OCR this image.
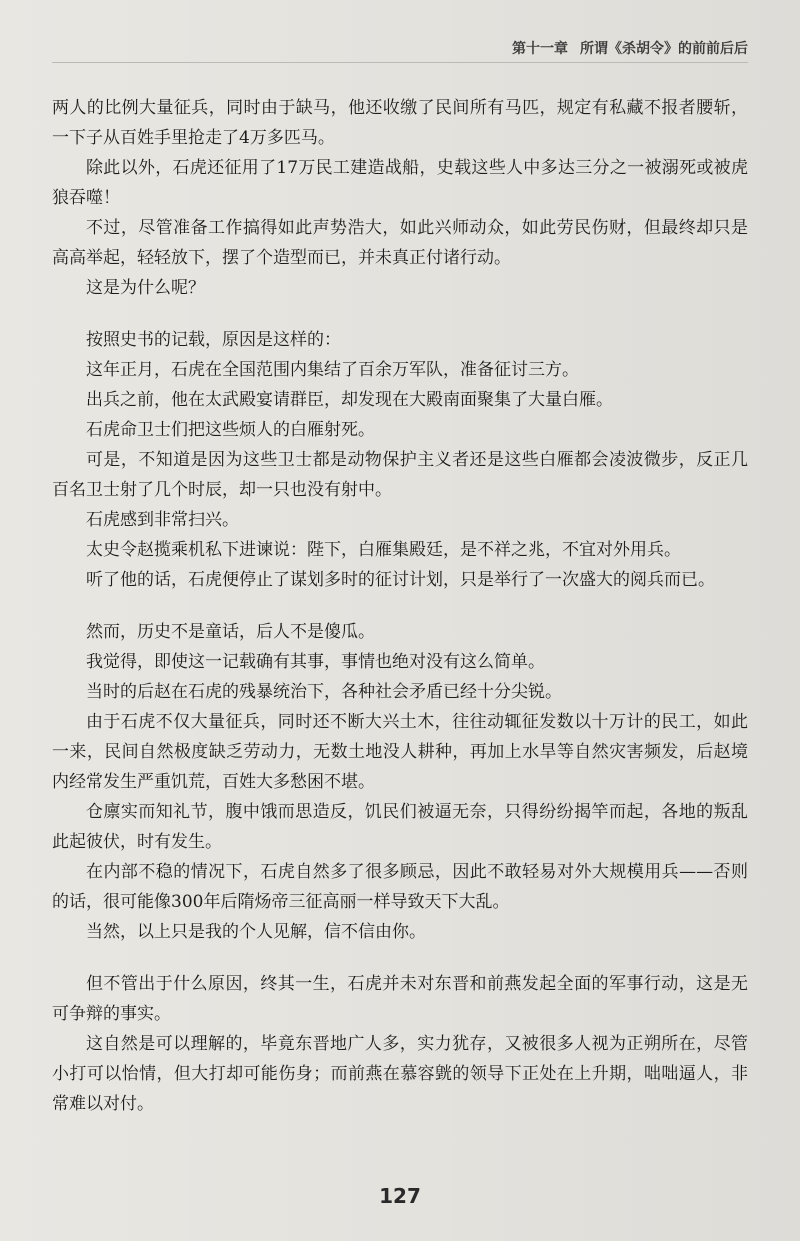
第十一章 所谓《杀胡令》的前前后后

两人的比例大量征兵，同时由于缺马，他还收缴了民间所有马匹，规定有私藏不报者腰斩，一下子从百姓手里抢走了4万多匹马。

除此以外，石虎还征用了17万民工建造战船，史载这些人中多达三分之一被溺死或被虎狼吞噬！

不过，尽管准备工作搞得如此声势浩大，如此兴师动众，如此劳民伤财，但最终却只是高高举起，轻轻放下，摆了个造型而已，并未真正付诸行动。

这是为什么呢？

按照史书的记载，原因是这样的：

这年正月，石虎在全国范围内集结了百余万军队，准备征讨三方。

出兵之前，他在太武殿宴请群臣，却发现在大殿南面聚集了大量白雁。

石虎命卫士们把这些烦人的白雁射死。

可是，不知道是因为这些卫士都是动物保护主义者还是这些白雁都会凌波微步，反正几百名卫士射了几个时辰，却一只也没有射中。

石虎感到非常扫兴。

太史令赵揽乘机私下进谏说：陛下，白雁集殿廷，是不祥之兆，不宜对外用兵。

听了他的话，石虎便停止了谋划多时的征讨计划，只是举行了一次盛大的阅兵而已。

然而，历史不是童话，后人不是傻瓜。

我觉得，即使这一记载确有其事，事情也绝对没有这么简单。

当时的后赵在石虎的残暴统治下，各种社会矛盾已经十分尖锐。

由于石虎不仅大量征兵，同时还不断大兴土木，往往动辄征发数以十万计的民工，如此一来，民间自然极度缺乏劳动力，无数土地没人耕种，再加上水旱等自然灾害频发，后赵境内经常发生严重饥荒，百姓大多愁困不堪。

仓廪实而知礼节，腹中饿而思造反，饥民们被逼无奈，只得纷纷揭竿而起，各地的叛乱此起彼伏，时有发生。

在内部不稳的情况下，石虎自然多了很多顾忌，因此不敢轻易对外大规模用兵——否则的话，很可能像300年后隋炀帝三征高丽一样导致天下大乱。

当然，以上只是我的个人见解，信不信由你。

但不管出于什么原因，终其一生，石虎并未对东晋和前燕发起全面的军事行动，这是无可争辩的事实。

这自然是可以理解的，毕竟东晋地广人多，实力犹存，又被很多人视为正朔所在，尽管小打可以怡情，但大打却可能伤身；而前燕在慕容皝的领导下正处在上升期，咄咄逼人，非常难以对付。

127
